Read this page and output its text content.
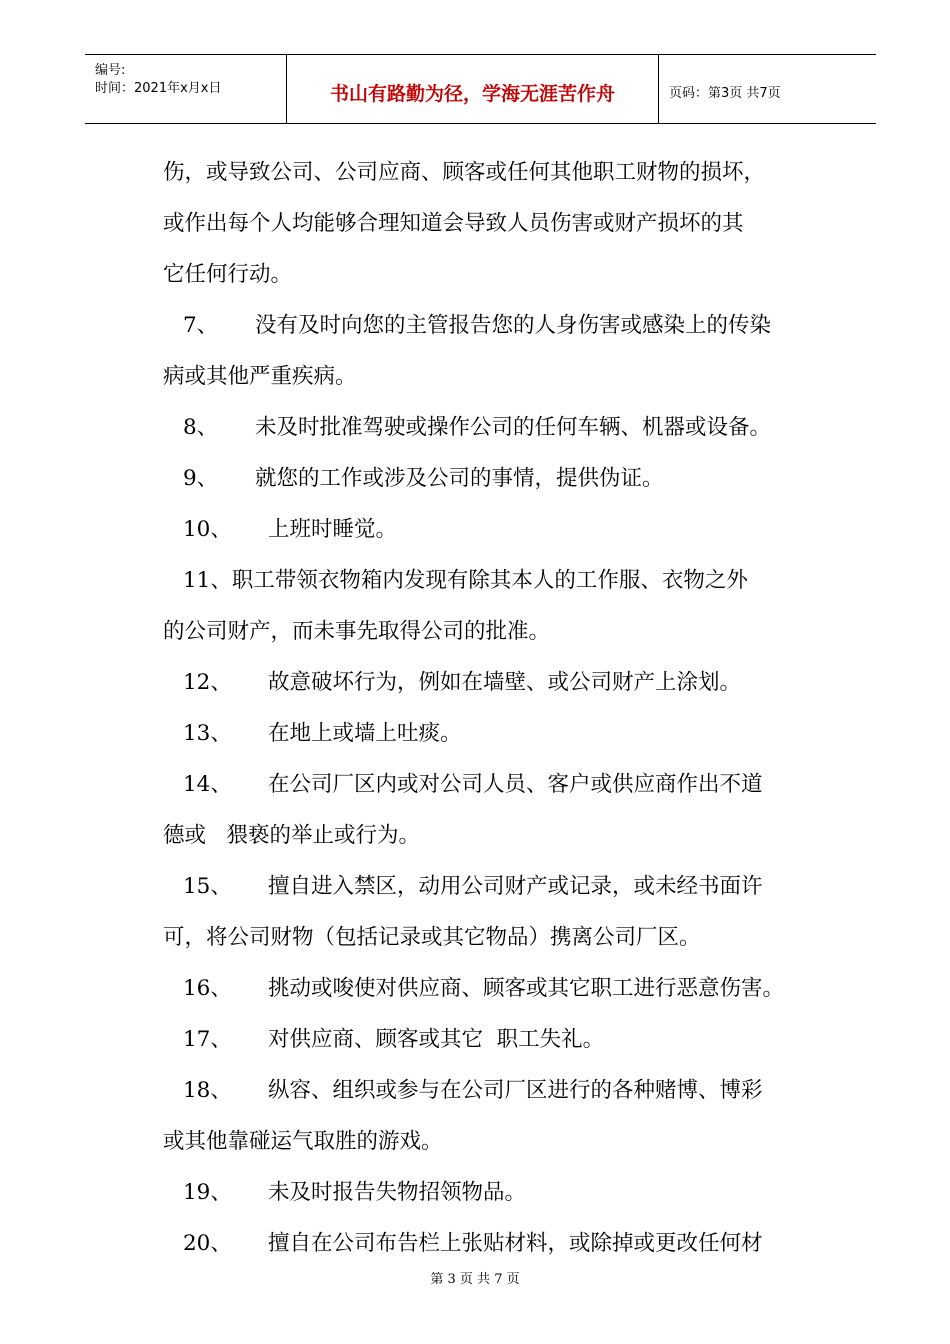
编号:
时间：2021年x月x日	书山有路勤为径，学海无涯苦作舟	页码：第3页 共7页
伤，或导致公司、公司应商、顾客或任何其他职工财物的损坏，
或作出每个人均能够合理知道会导致人员伤害或财产损坏的其
它任何行动。
7、 没有及时向您的主管报告您的人身伤害或感染上的传染
病或其他严重疾病。
8、 未及时批准驾驶或操作公司的任何车辆、机器或设备。
9、 就您的工作或涉及公司的事情，提供伪证。
10、 上班时睡觉。
11、职工带领衣物箱内发现有除其本人的工作服、衣物之外
的公司财产，而未事先取得公司的批准。
12、 故意破坏行为，例如在墙壁、或公司财产上涂划。
13、 在地上或墙上吐痰。
14、 在公司厂区内或对公司人员、客户或供应商作出不道
德或   猥亵的举止或行为。
15、 擅自进入禁区，动用公司财产或记录，或未经书面许
可，将公司财物（包括记录或其它物品）携离公司厂区。
16、 挑动或唆使对供应商、顾客或其它职工进行恶意伤害。
17、 对供应商、顾客或其它  职工失礼。
18、 纵容、组织或参与在公司厂区进行的各种赌博、博彩
或其他靠碰运气取胜的游戏。
19、 未及时报告失物招领物品。
20、 擅自在公司布告栏上张贴材料，或除掉或更改任何材
第 3 页 共 7 页
